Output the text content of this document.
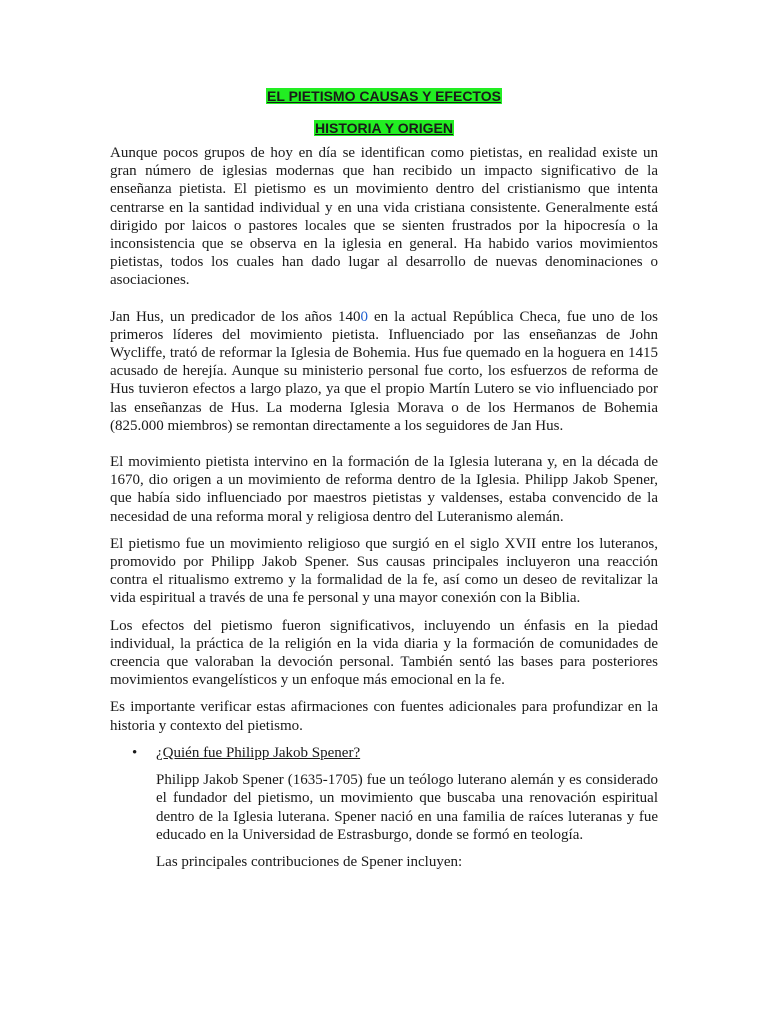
EL PIETISMO CAUSAS Y EFECTOS

HISTORIA Y ORIGEN

Aunque pocos grupos de hoy en día se identifican como pietistas, en realidad existe un gran número de iglesias modernas que han recibido un impacto significativo de la enseñanza pietista. El pietismo es un movimiento dentro del cristianismo que intenta centrarse en la santidad individual y en una vida cristiana consistente. Generalmente está dirigido por laicos o pastores locales que se sienten frustrados por la hipocresía o la inconsistencia que se observa en la iglesia en general. Ha habido varios movimientos pietistas, todos los cuales han dado lugar al desarrollo de nuevas denominaciones o asociaciones.

Jan Hus, un predicador de los años 1400 en la actual República Checa, fue uno de los primeros líderes del movimiento pietista. Influenciado por las enseñanzas de John Wycliffe, trató de reformar la Iglesia de Bohemia. Hus fue quemado en la hoguera en 1415 acusado de herejía. Aunque su ministerio personal fue corto, los esfuerzos de reforma de Hus tuvieron efectos a largo plazo, ya que el propio Martín Lutero se vio influenciado por las enseñanzas de Hus. La moderna Iglesia Morava o de los Hermanos de Bohemia (825.000 miembros) se remontan directamente a los seguidores de Jan Hus.

El movimiento pietista intervino en la formación de la Iglesia luterana y, en la década de 1670, dio origen a un movimiento de reforma dentro de la Iglesia. Philipp Jakob Spener, que había sido influenciado por maestros pietistas y valdenses, estaba convencido de la necesidad de una reforma moral y religiosa dentro del Luteranismo alemán.

El pietismo fue un movimiento religioso que surgió en el siglo XVII entre los luteranos, promovido por Philipp Jakob Spener. Sus causas principales incluyeron una reacción contra el ritualismo extremo y la formalidad de la fe, así como un deseo de revitalizar la vida espiritual a través de una fe personal y una mayor conexión con la Biblia.

Los efectos del pietismo fueron significativos, incluyendo un énfasis en la piedad individual, la práctica de la religión en la vida diaria y la formación de comunidades de creencia que valoraban la devoción personal. También sentó las bases para posteriores movimientos evangelísticos y un enfoque más emocional en la fe.

Es importante verificar estas afirmaciones con fuentes adicionales para profundizar en la historia y contexto del pietismo.

• ¿Quién fue Philipp Jakob Spener?

Philipp Jakob Spener (1635-1705) fue un teólogo luterano alemán y es considerado el fundador del pietismo, un movimiento que buscaba una renovación espiritual dentro de la Iglesia luterana. Spener nació en una familia de raíces luteranas y fue educado en la Universidad de Estrasburgo, donde se formó en teología.

Las principales contribuciones de Spener incluyen:
